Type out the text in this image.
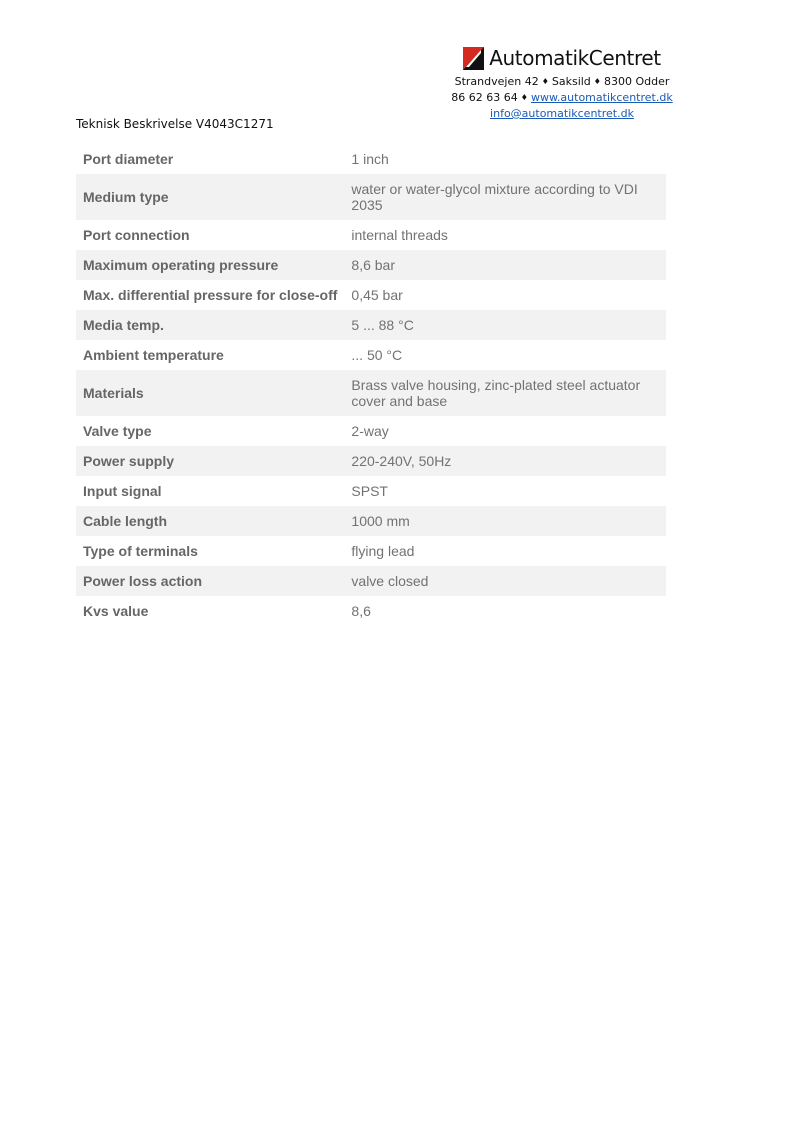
AutomatikCentret
Strandvejen 42 ♦ Saksild ♦ 8300 Odder
86 62 63 64 ♦ www.automatikcentret.dk
info@automatikcentret.dk
Teknisk Beskrivelse V4043C1271
Port diameter	1 inch
Medium type	water or water-glycol mixture according to VDI 2035
Port connection	internal threads
Maximum operating pressure	8,6 bar
Max. differential pressure for close-off	0,45 bar
Media temp.	5 ... 88 °C
Ambient temperature	... 50 °C
Materials	Brass valve housing, zinc-plated steel actuator cover and base
Valve type	2-way
Power supply	220-240V, 50Hz
Input signal	SPST
Cable length	1000 mm
Type of terminals	flying lead
Power loss action	valve closed
Kvs value	8,6
